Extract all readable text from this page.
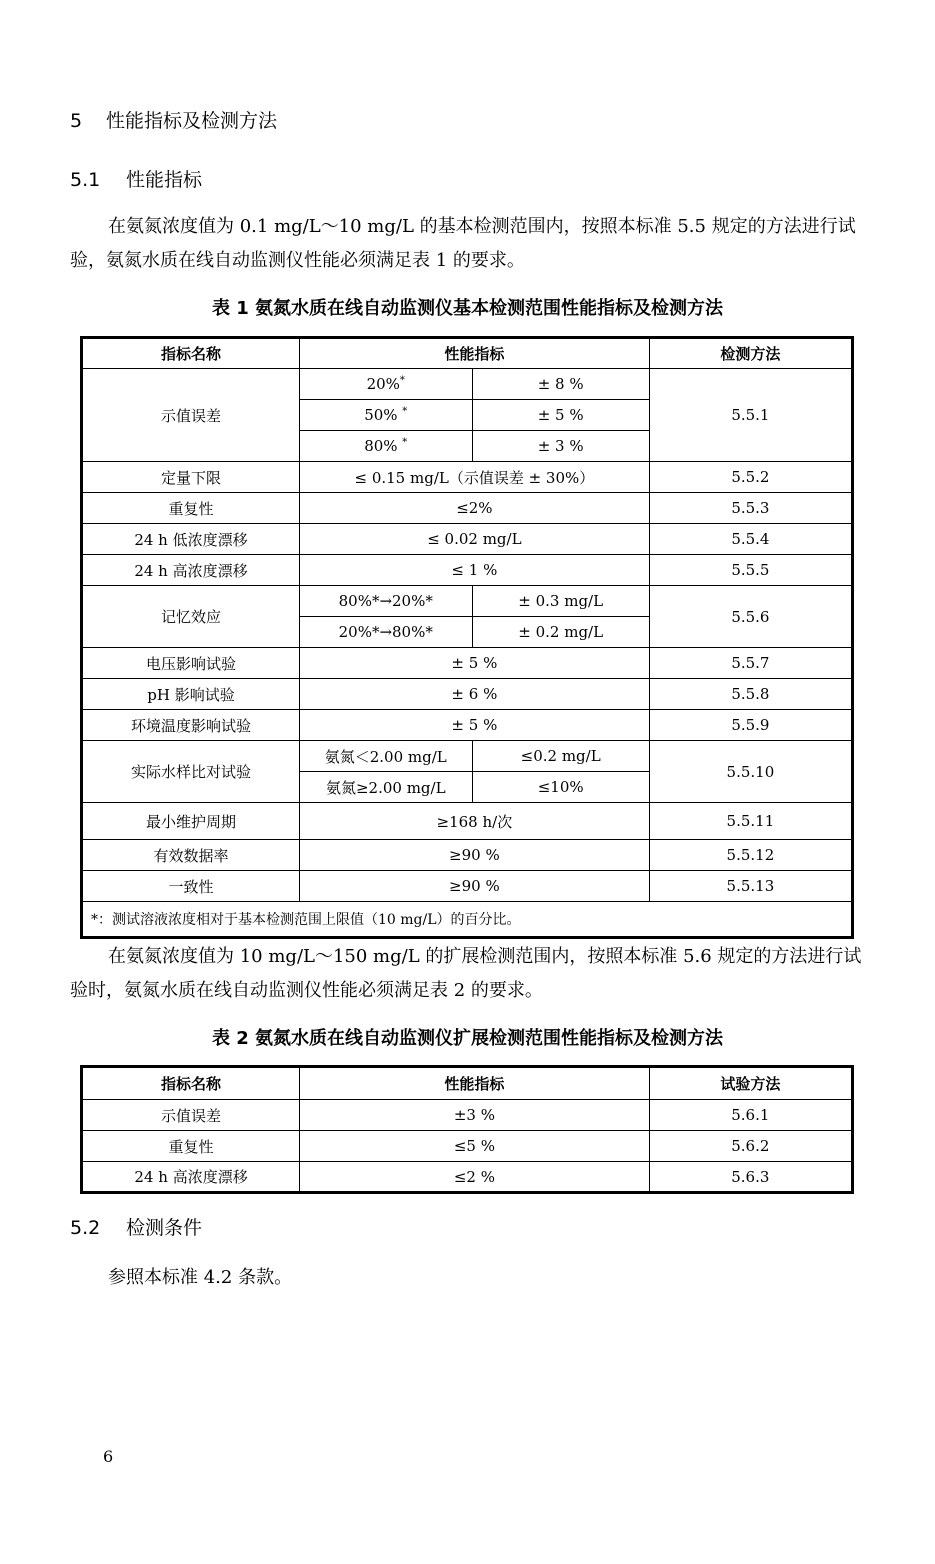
5 性能指标及检测方法
5.1 性能指标
在氨氮浓度值为 0.1 mg/L～10 mg/L 的基本检测范围内，按照本标准 5.5 规定的方法进行试验，氨氮水质在线自动监测仪性能必须满足表 1 的要求。
表 1 氨氮水质在线自动监测仪基本检测范围性能指标及检测方法
指标名称	性能指标		检测方法
示值误差	20%*	± 8 %	5.5.1
	50% *	± 5 %	
	80% *	± 3 %	
定量下限	≤ 0.15 mg/L（示值误差 ± 30%）		5.5.2
重复性	≤2%		5.5.3
24 h 低浓度漂移	≤ 0.02 mg/L		5.5.4
24 h 高浓度漂移	≤ 1 %		5.5.5
记忆效应	80%*→20%*	± 0.3 mg/L	5.5.6
	20%*→80%*	± 0.2 mg/L	
电压影响试验	± 5 %		5.5.7
pH 影响试验	± 6 %		5.5.8
环境温度影响试验	± 5 %		5.5.9
实际水样比对试验	氨氮＜2.00 mg/L	≤0.2 mg/L	5.5.10
	氨氮≥2.00 mg/L	≤10%	
最小维护周期	≥168 h/次		5.5.11
有效数据率	≥90 %		5.5.12
一致性	≥90 %		5.5.13
*：测试溶液浓度相对于基本检测范围上限值（10 mg/L）的百分比。			
在氨氮浓度值为 10 mg/L～150 mg/L 的扩展检测范围内，按照本标准 5.6 规定的方法进行试验时，氨氮水质在线自动监测仪性能必须满足表 2 的要求。
表 2 氨氮水质在线自动监测仪扩展检测范围性能指标及检测方法
指标名称	性能指标	试验方法
示值误差	±3 %	5.6.1
重复性	≤5 %	5.6.2
24 h 高浓度漂移	≤2 %	5.6.3
5.2 检测条件
参照本标准 4.2 条款。
6
